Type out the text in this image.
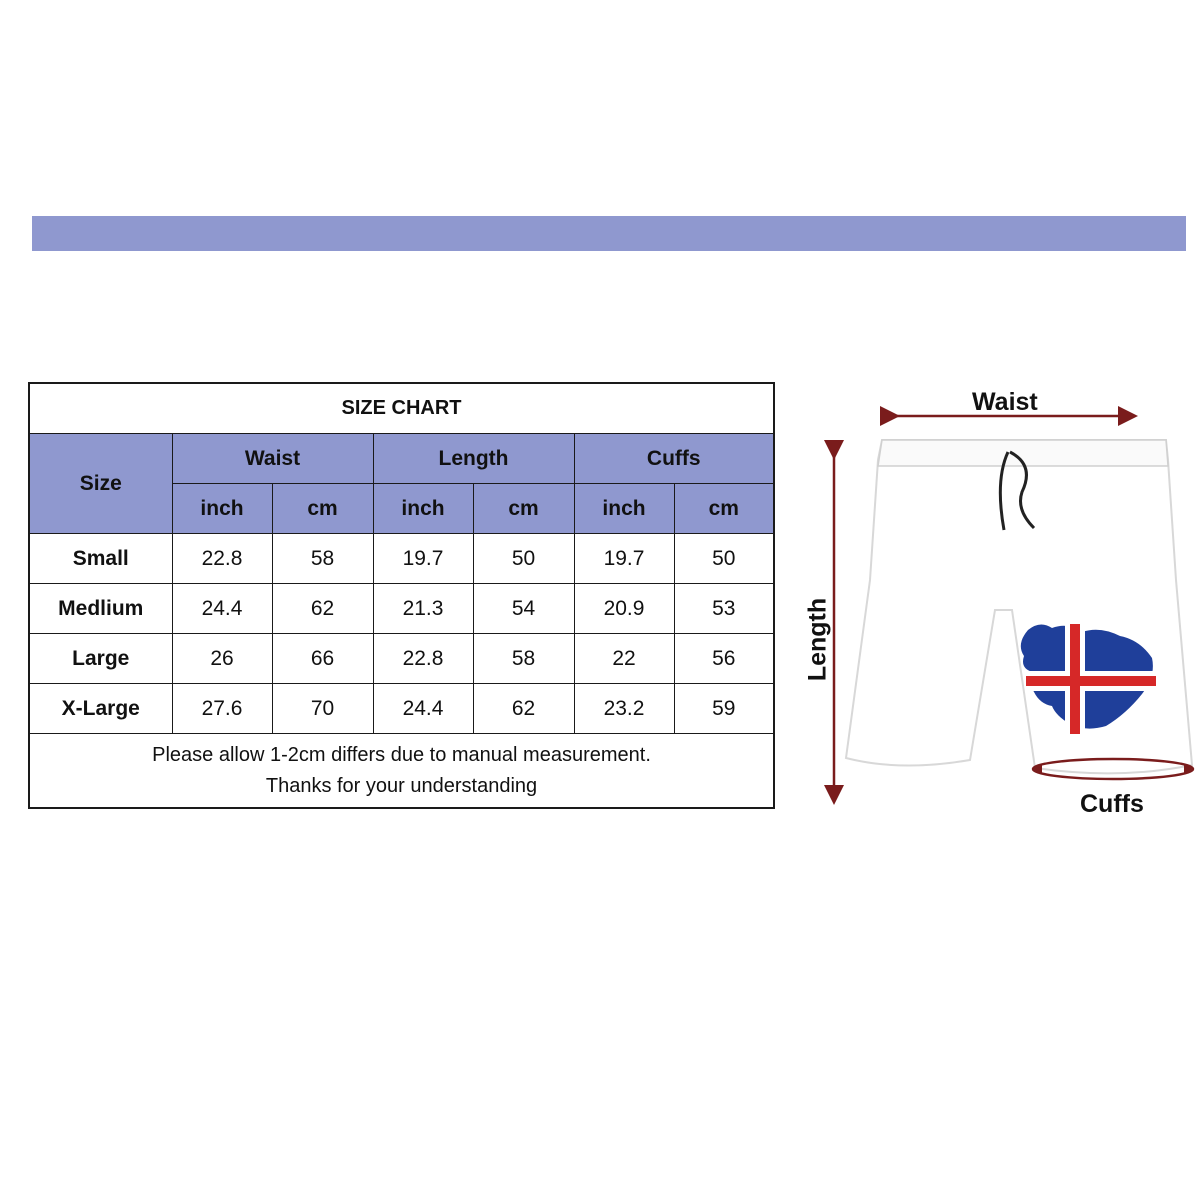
SIZE CHART						
Size	Waist		Length		Cuffs	
	inch	cm	inch	cm	inch	cm
Small	22.8	58	19.7	50	19.7	50
Medlium	24.4	62	21.3	54	20.9	53
Large	26	66	22.8	58	22	56
X-Large	27.6	70	24.4	62	23.2	59

Please allow 1-2cm differs due to manual measurement.
Thanks for your understanding						
Waist
Length
Cuffs
